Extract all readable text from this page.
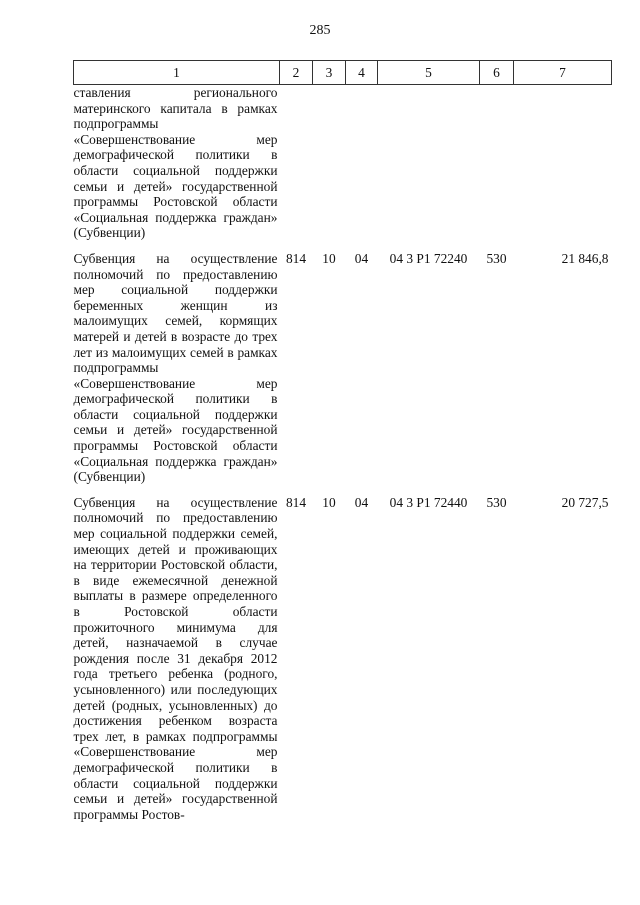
285
1	2	3	4	5	6	7
ставления регионального материнского капитала в рамках подпрограммы «Совершенствование мер демографической политики в области социальной поддержки семьи и детей» государственной программы Ростовской области «Социальная поддержка граждан» (Субвенции)						
Субвенция на осуществление полномочий по предоставлению мер социальной поддержки беременных женщин из малоимущих семей, кормящих матерей и детей в возрасте до трех лет из малоимущих семей в рамках подпрограммы «Совершенствование мер демографической политики в области социальной поддержки семьи и детей» государственной программы Ростовской области «Социальная поддержка граждан» (Субвенции)	814	10	04	04 3 P1 72240	530	21 846,8
Субвенция на осуществление полномочий по предоставлению мер социальной поддержки семей, имеющих детей и проживающих на территории Ростовской области, в виде ежемесячной денежной выплаты в размере определенного в Ростовской области прожиточного минимума для детей, назначаемой в случае рождения после 31 декабря 2012 года третьего ребенка (родного, усыновленного) или последующих детей (родных, усыновленных) до достижения ребенком возраста трех лет, в рамках подпрограммы «Совершенствование мер демографической политики в области социальной поддержки семьи и детей» государственной программы Ростов-	814	10	04	04 3 P1 72440	530	20 727,5
